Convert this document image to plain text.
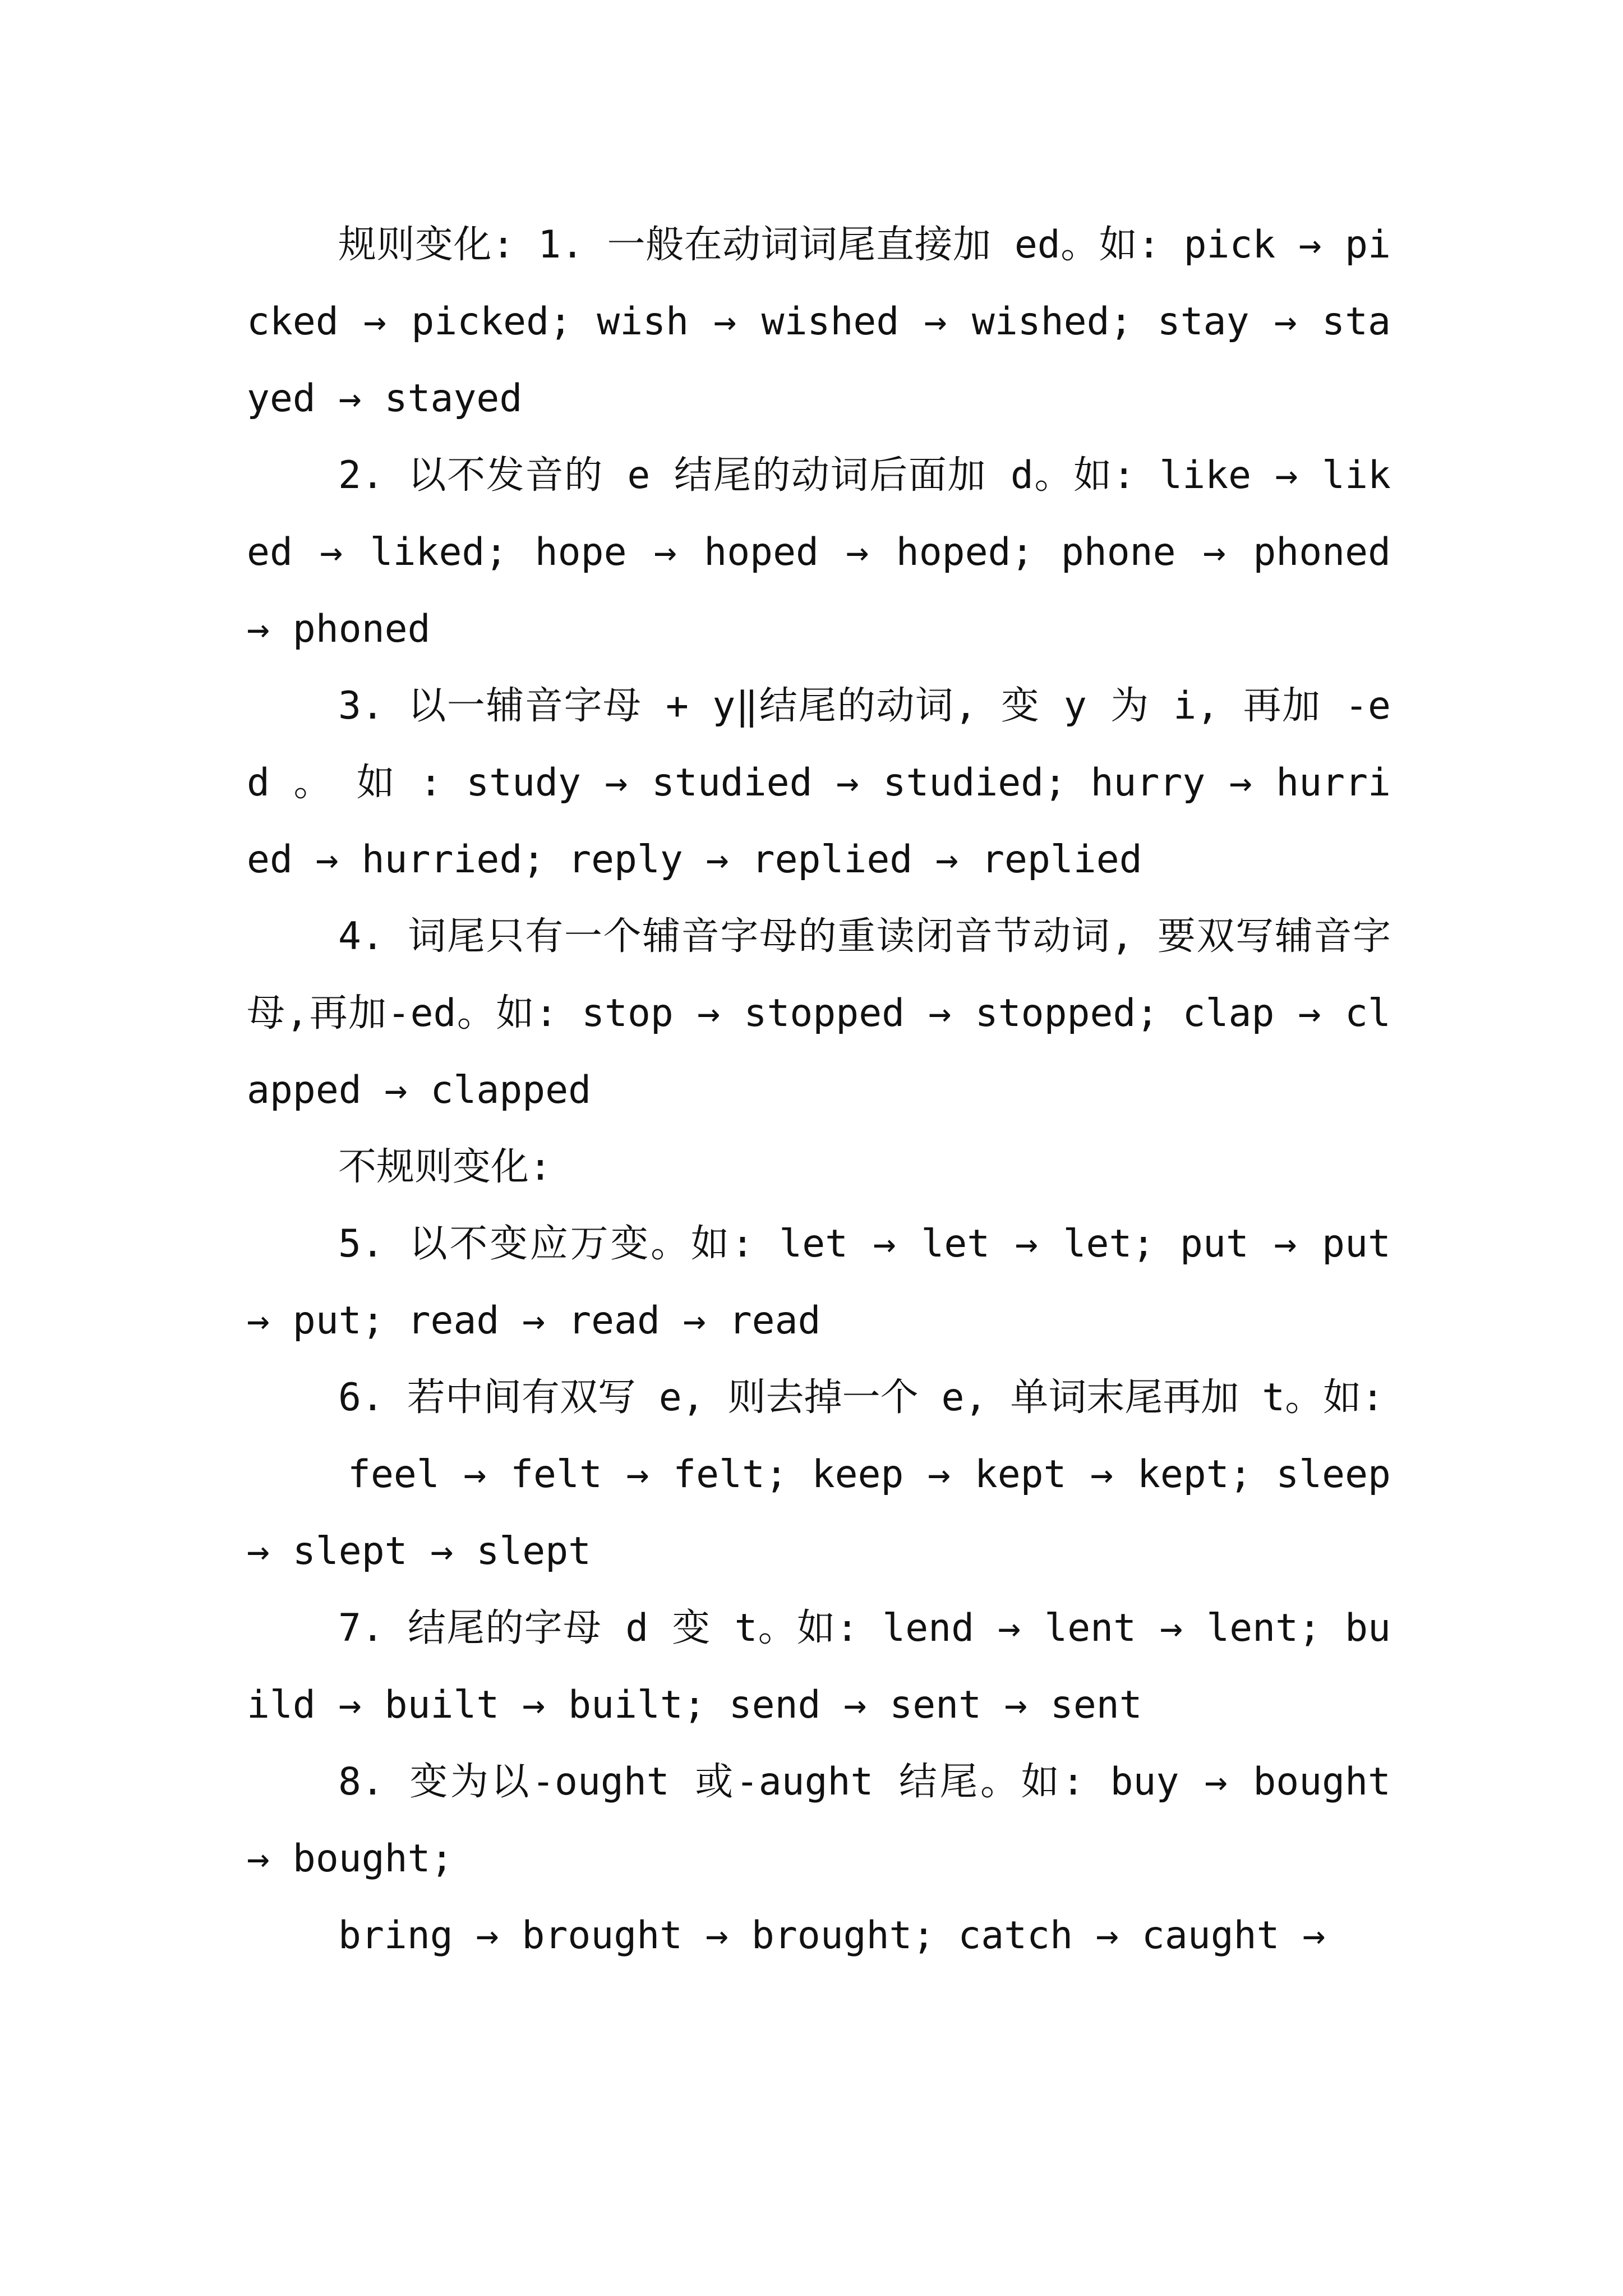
规则变化: 1. 一般在动词词尾直接加 ed。如: pick → picked → picked; wish → wished → wished; stay → stayed → stayed

2. 以不发音的 e 结尾的动词后面加 d。如: like → liked → liked; hope → hoped → hoped; phone → phoned → phoned

3. 以一辅音字母 + y‖结尾的动词, 变 y 为 i, 再加 -ed 。 如 : study → studied → studied; hurry → hurried → hurried; reply → replied → replied

4. 词尾只有一个辅音字母的重读闭音节动词, 要双写辅音字母,再加-ed。如: stop → stopped → stopped; clap → clapped → clapped

不规则变化:

5. 以不变应万变。如: let → let → let; put → put → put; read → read → read

6. 若中间有双写 e, 则去掉一个 e, 单词末尾再加 t。如:

feel → felt → felt; keep → kept → kept; sleep → slept → slept

7. 结尾的字母 d 变 t。如: lend → lent → lent; build → built → built; send → sent → sent

8. 变为以-ought 或-aught 结尾。如: buy → bought → bought;

bring → brought → brought; catch → caught →
